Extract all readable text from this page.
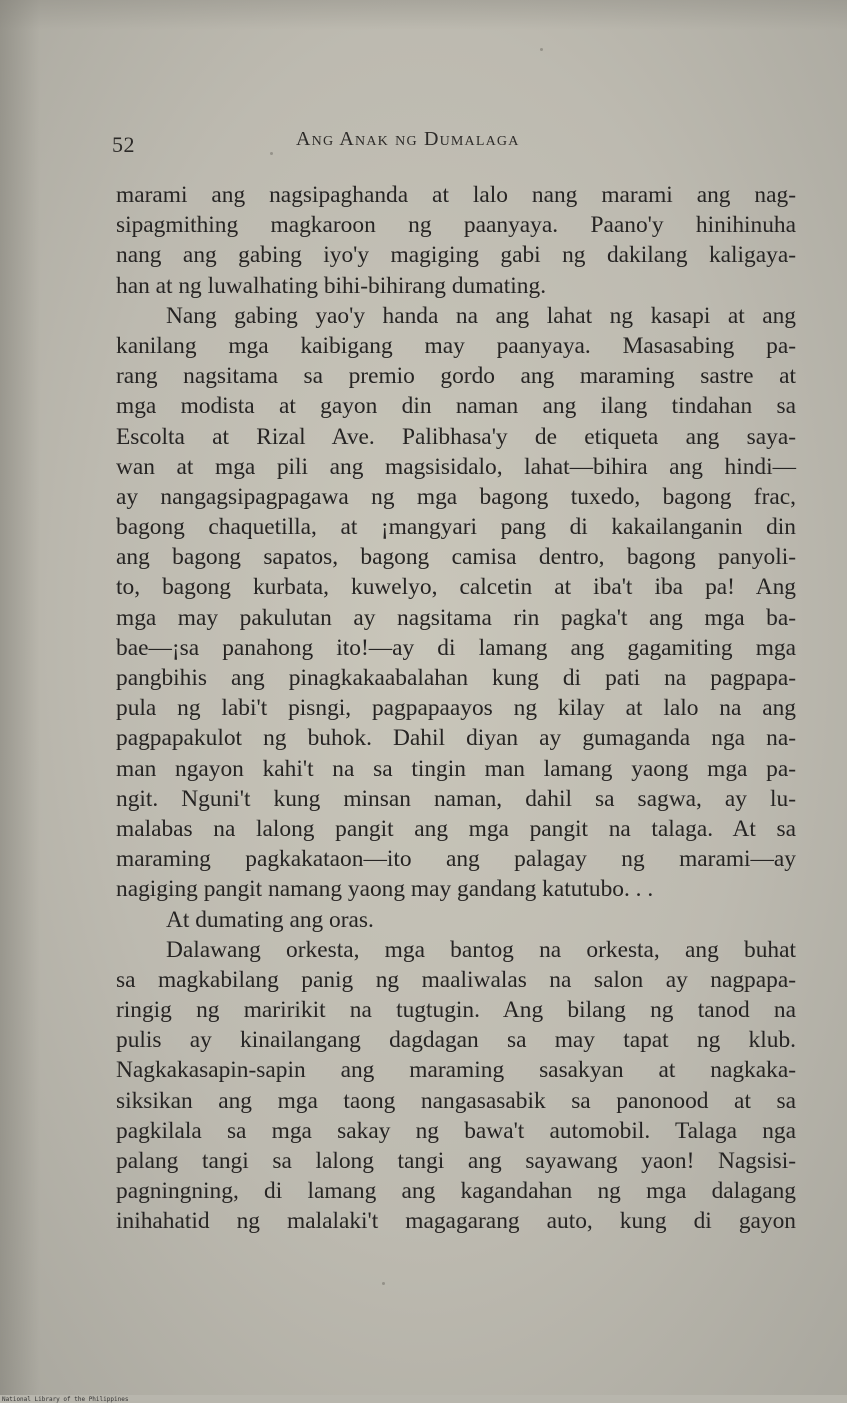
52	Ang Anak ng Dumalaga
marami ang nagsipaghanda at lalo nang marami ang nag-
sipagmithing magkaroon ng paanyaya. Paano'y hinihinuha
nang ang gabing iyo'y magiging gabi ng dakilang kaligaya-
han at ng luwalhating bihi-bihirang dumating.
Nang gabing yao'y handa na ang lahat ng kasapi at ang
kanilang mga kaibigang may paanyaya. Masasabing pa-
rang nagsitama sa premio gordo ang maraming sastre at
mga modista at gayon din naman ang ilang tindahan sa
Escolta at Rizal Ave. Palibhasa'y de etiqueta ang saya-
wan at mga pili ang magsisidalo, lahat—bihira ang hindi—
ay nangagsipagpagawa ng mga bagong tuxedo, bagong frac,
bagong chaquetilla, at ¡mangyari pang di kakailanganin din
ang bagong sapatos, bagong camisa dentro, bagong panyoli-
to, bagong kurbata, kuwelyo, calcetin at iba't iba pa! Ang
mga may pakulutan ay nagsitama rin pagka't ang mga ba-
bae—¡sa panahong ito!—ay di lamang ang gagamiting mga
pangbihis ang pinagkakaabalahan kung di pati na pagpapa-
pula ng labi't pisngi, pagpapaayos ng kilay at lalo na ang
pagpapakulot ng buhok. Dahil diyan ay gumaganda nga na-
man ngayon kahi't na sa tingin man lamang yaong mga pa-
ngit. Nguni't kung minsan naman, dahil sa sagwa, ay lu-
malabas na lalong pangit ang mga pangit na talaga. At sa
maraming pagkakataon—ito ang palagay ng marami—ay
nagiging pangit namang yaong may gandang katutubo. . .
At dumating ang oras.
Dalawang orkesta, mga bantog na orkesta, ang buhat
sa magkabilang panig ng maaliwalas na salon ay nagpapa-
ringig ng maririkit na tugtugin. Ang bilang ng tanod na
pulis ay kinailangang dagdagan sa may tapat ng klub.
Nagkakasapin-sapin ang maraming sasakyan at nagkaka-
siksikan ang mga taong nangasasabik sa panonood at sa
pagkilala sa mga sakay ng bawa't automobil. Talaga nga
palang tangi sa lalong tangi ang sayawang yaon! Nagsisi-
pagningning, di lamang ang kagandahan ng mga dalagang
inihahatid ng malalaki't magagarang auto, kung di gayon
National Library of the Philippines
